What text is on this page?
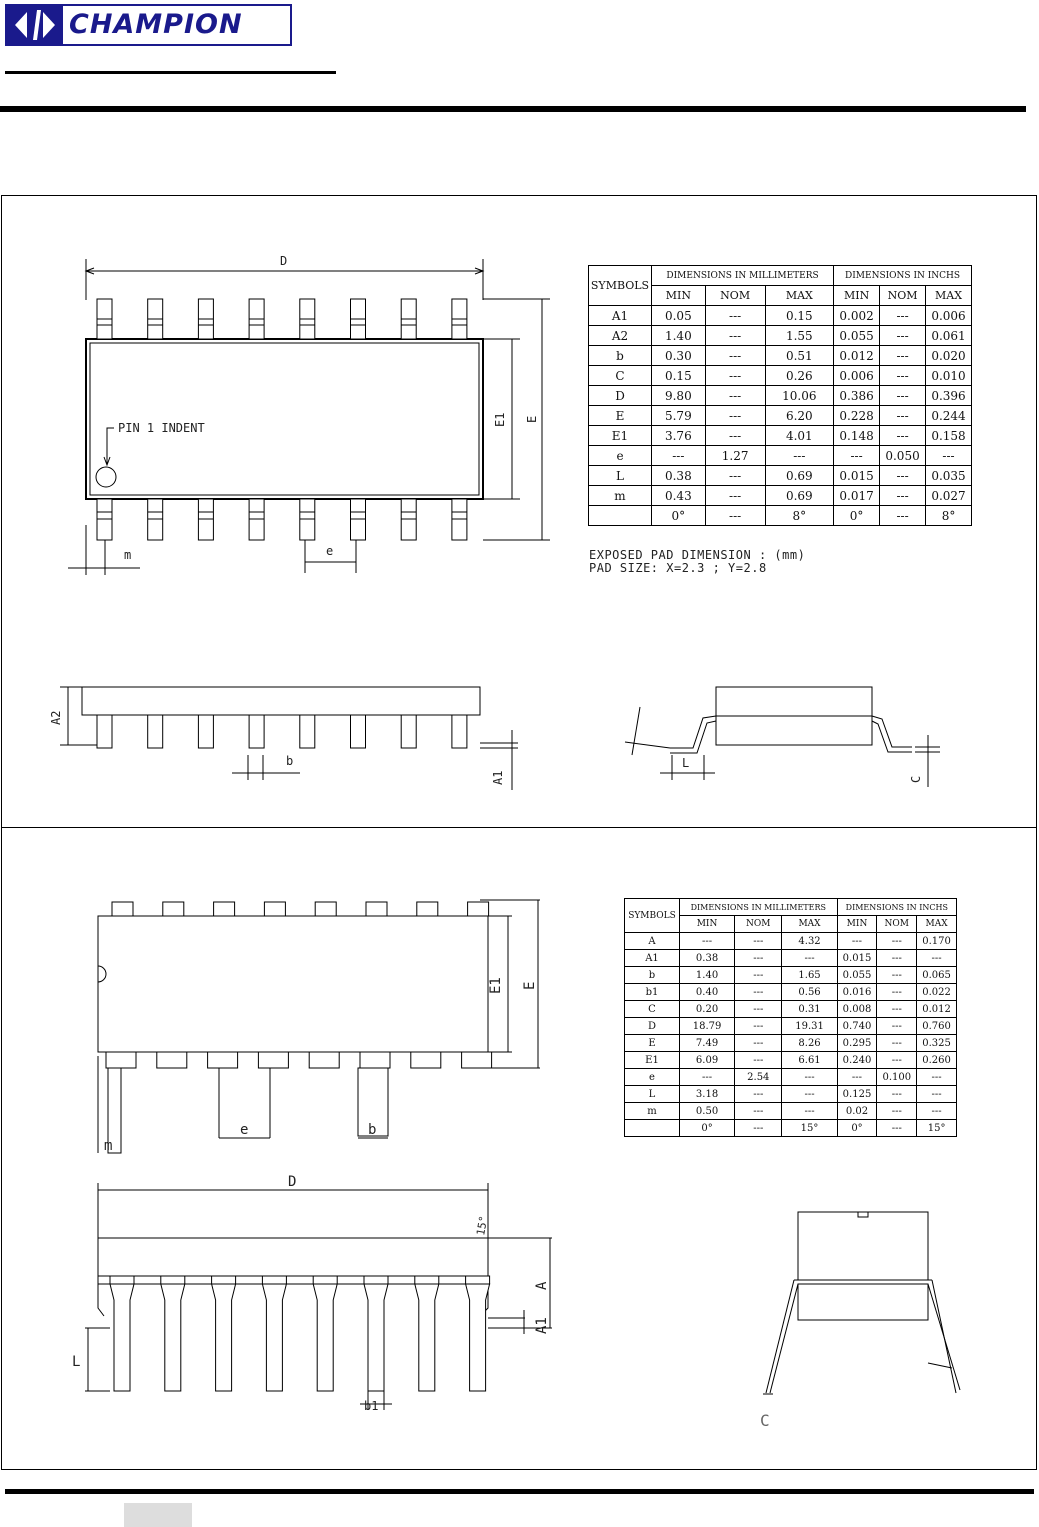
CHAMPION
D
PIN 1 INDENT
E1 E
m	e
A2
b
A1
L
C
SYMBOLS	DIMENSIONS IN MILLIMETERS			DIMENSIONS IN INCHS		
	MIN	NOM	MAX	MIN	NOM	MAX
A1	0.05	---	0.15	0.002	---	0.006
A2	1.40	---	1.55	0.055	---	0.061
b	0.30	---	0.51	0.012	---	0.020
C	0.15	---	0.26	0.006	---	0.010
D	9.80	---	10.06	0.386	---	0.396
E	5.79	---	6.20	0.228	---	0.244
E1	3.76	---	4.01	0.148	---	0.158
e	---	1.27	---	---	0.050	---
L	0.38	---	0.69	0.015	---	0.035
m	0.43	---	0.69	0.017	---	0.027
	0°	---	8°	0°	---	8°
EXPOSED PAD DIMENSION : (mm)
PAD SIZE: X=2.3 ; Y=2.8
D
E1 E
m
e	b
b1
15°
A
A1
L
C
SYMBOLS	DIMENSIONS IN MILLIMETERS			DIMENSIONS IN INCHS		
	MIN	NOM	MAX	MIN	NOM	MAX
A	---	---	4.32	---	---	0.170
A1	0.38	---	---	0.015	---	---
b	1.40	---	1.65	0.055	---	0.065
b1	0.40	---	0.56	0.016	---	0.022
C	0.20	---	0.31	0.008	---	0.012
D	18.79	---	19.31	0.740	---	0.760
E	7.49	---	8.26	0.295	---	0.325
E1	6.09	---	6.61	0.240	---	0.260
e	---	2.54	---	---	0.100	---
L	3.18	---	---	0.125	---	---
m	0.50	---	---	0.02	---	---
	0°	---	15°	0°	---	15°
